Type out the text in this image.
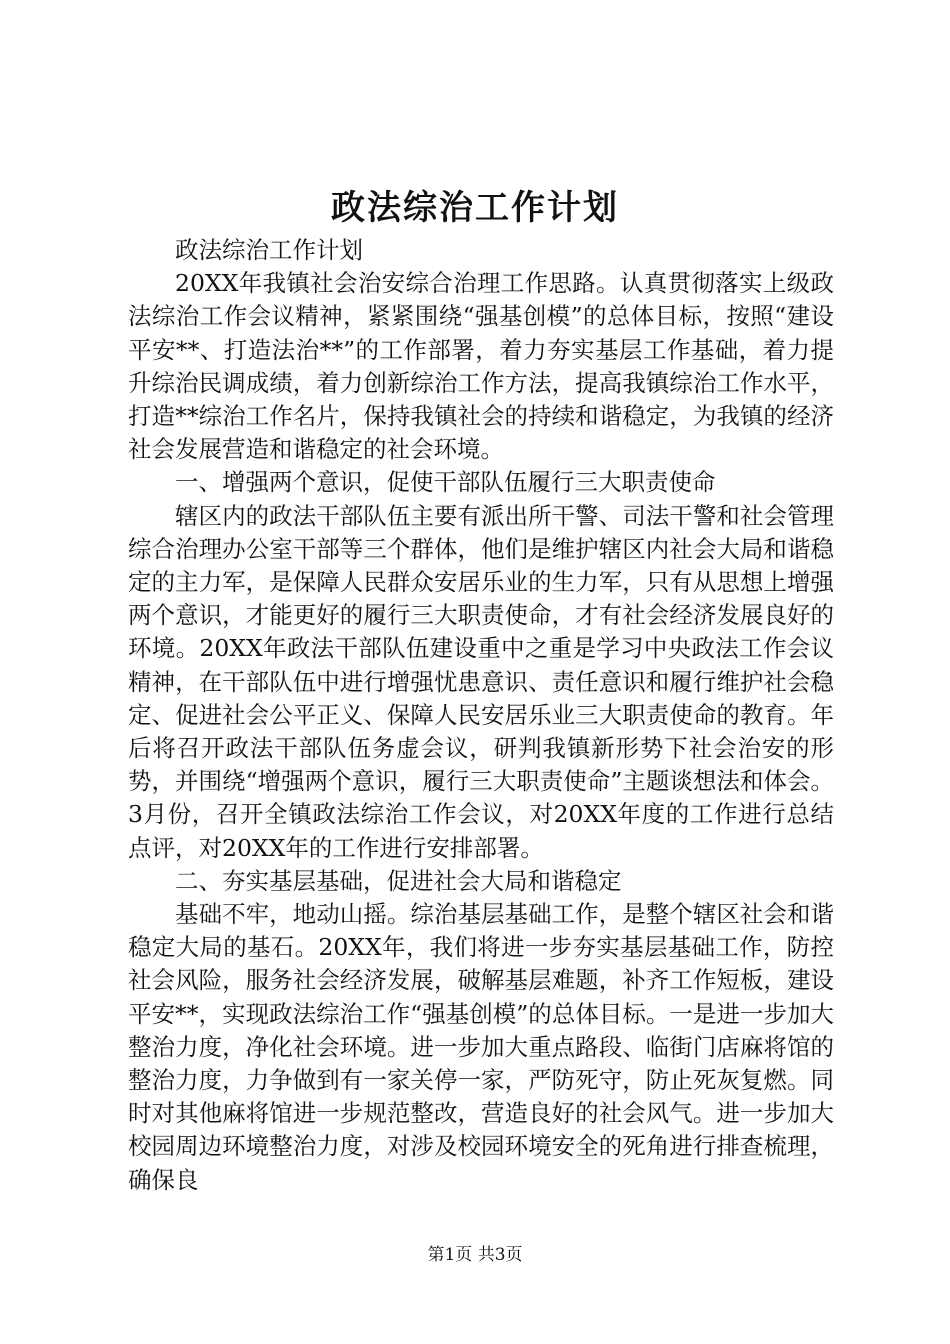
政法综治工作计划

政法综治工作计划

20XX年我镇社会治安综合治理工作思路。认真贯彻落实上级政法综治工作会议精神，紧紧围绕“强基创模”的总体目标，按照“建设平安**、打造法治**”的工作部署，着力夯实基层工作基础，着力提升综治民调成绩，着力创新综治工作方法，提高我镇综治工作水平，打造**综治工作名片，保持我镇社会的持续和谐稳定，为我镇的经济社会发展营造和谐稳定的社会环境。

一、增强两个意识，促使干部队伍履行三大职责使命

辖区内的政法干部队伍主要有派出所干警、司法干警和社会管理综合治理办公室干部等三个群体，他们是维护辖区内社会大局和谐稳定的主力军，是保障人民群众安居乐业的生力军，只有从思想上增强两个意识，才能更好的履行三大职责使命，才有社会经济发展良好的环境。20XX年政法干部队伍建设重中之重是学习中央政法工作会议精神，在干部队伍中进行增强忧患意识、责任意识和履行维护社会稳定、促进社会公平正义、保障人民安居乐业三大职责使命的教育。年后将召开政法干部队伍务虚会议，研判我镇新形势下社会治安的形势，并围绕“增强两个意识，履行三大职责使命”主题谈想法和体会。3月份，召开全镇政法综治工作会议，对20XX年度的工作进行总结点评，对20XX年的工作进行安排部署。

二、夯实基层基础，促进社会大局和谐稳定

基础不牢，地动山摇。综治基层基础工作，是整个辖区社会和谐稳定大局的基石。20XX年，我们将进一步夯实基层基础工作，防控社会风险，服务社会经济发展，破解基层难题，补齐工作短板，建设平安**，实现政法综治工作“强基创模”的总体目标。一是进一步加大整治力度，净化社会环境。进一步加大重点路段、临街门店麻将馆的整治力度，力争做到有一家关停一家，严防死守，防止死灰复燃。同时对其他麻将馆进一步规范整改，营造良好的社会风气。进一步加大校园周边环境整治力度，对涉及校园环境安全的死角进行排查梳理，确保良

第1页 共3页
